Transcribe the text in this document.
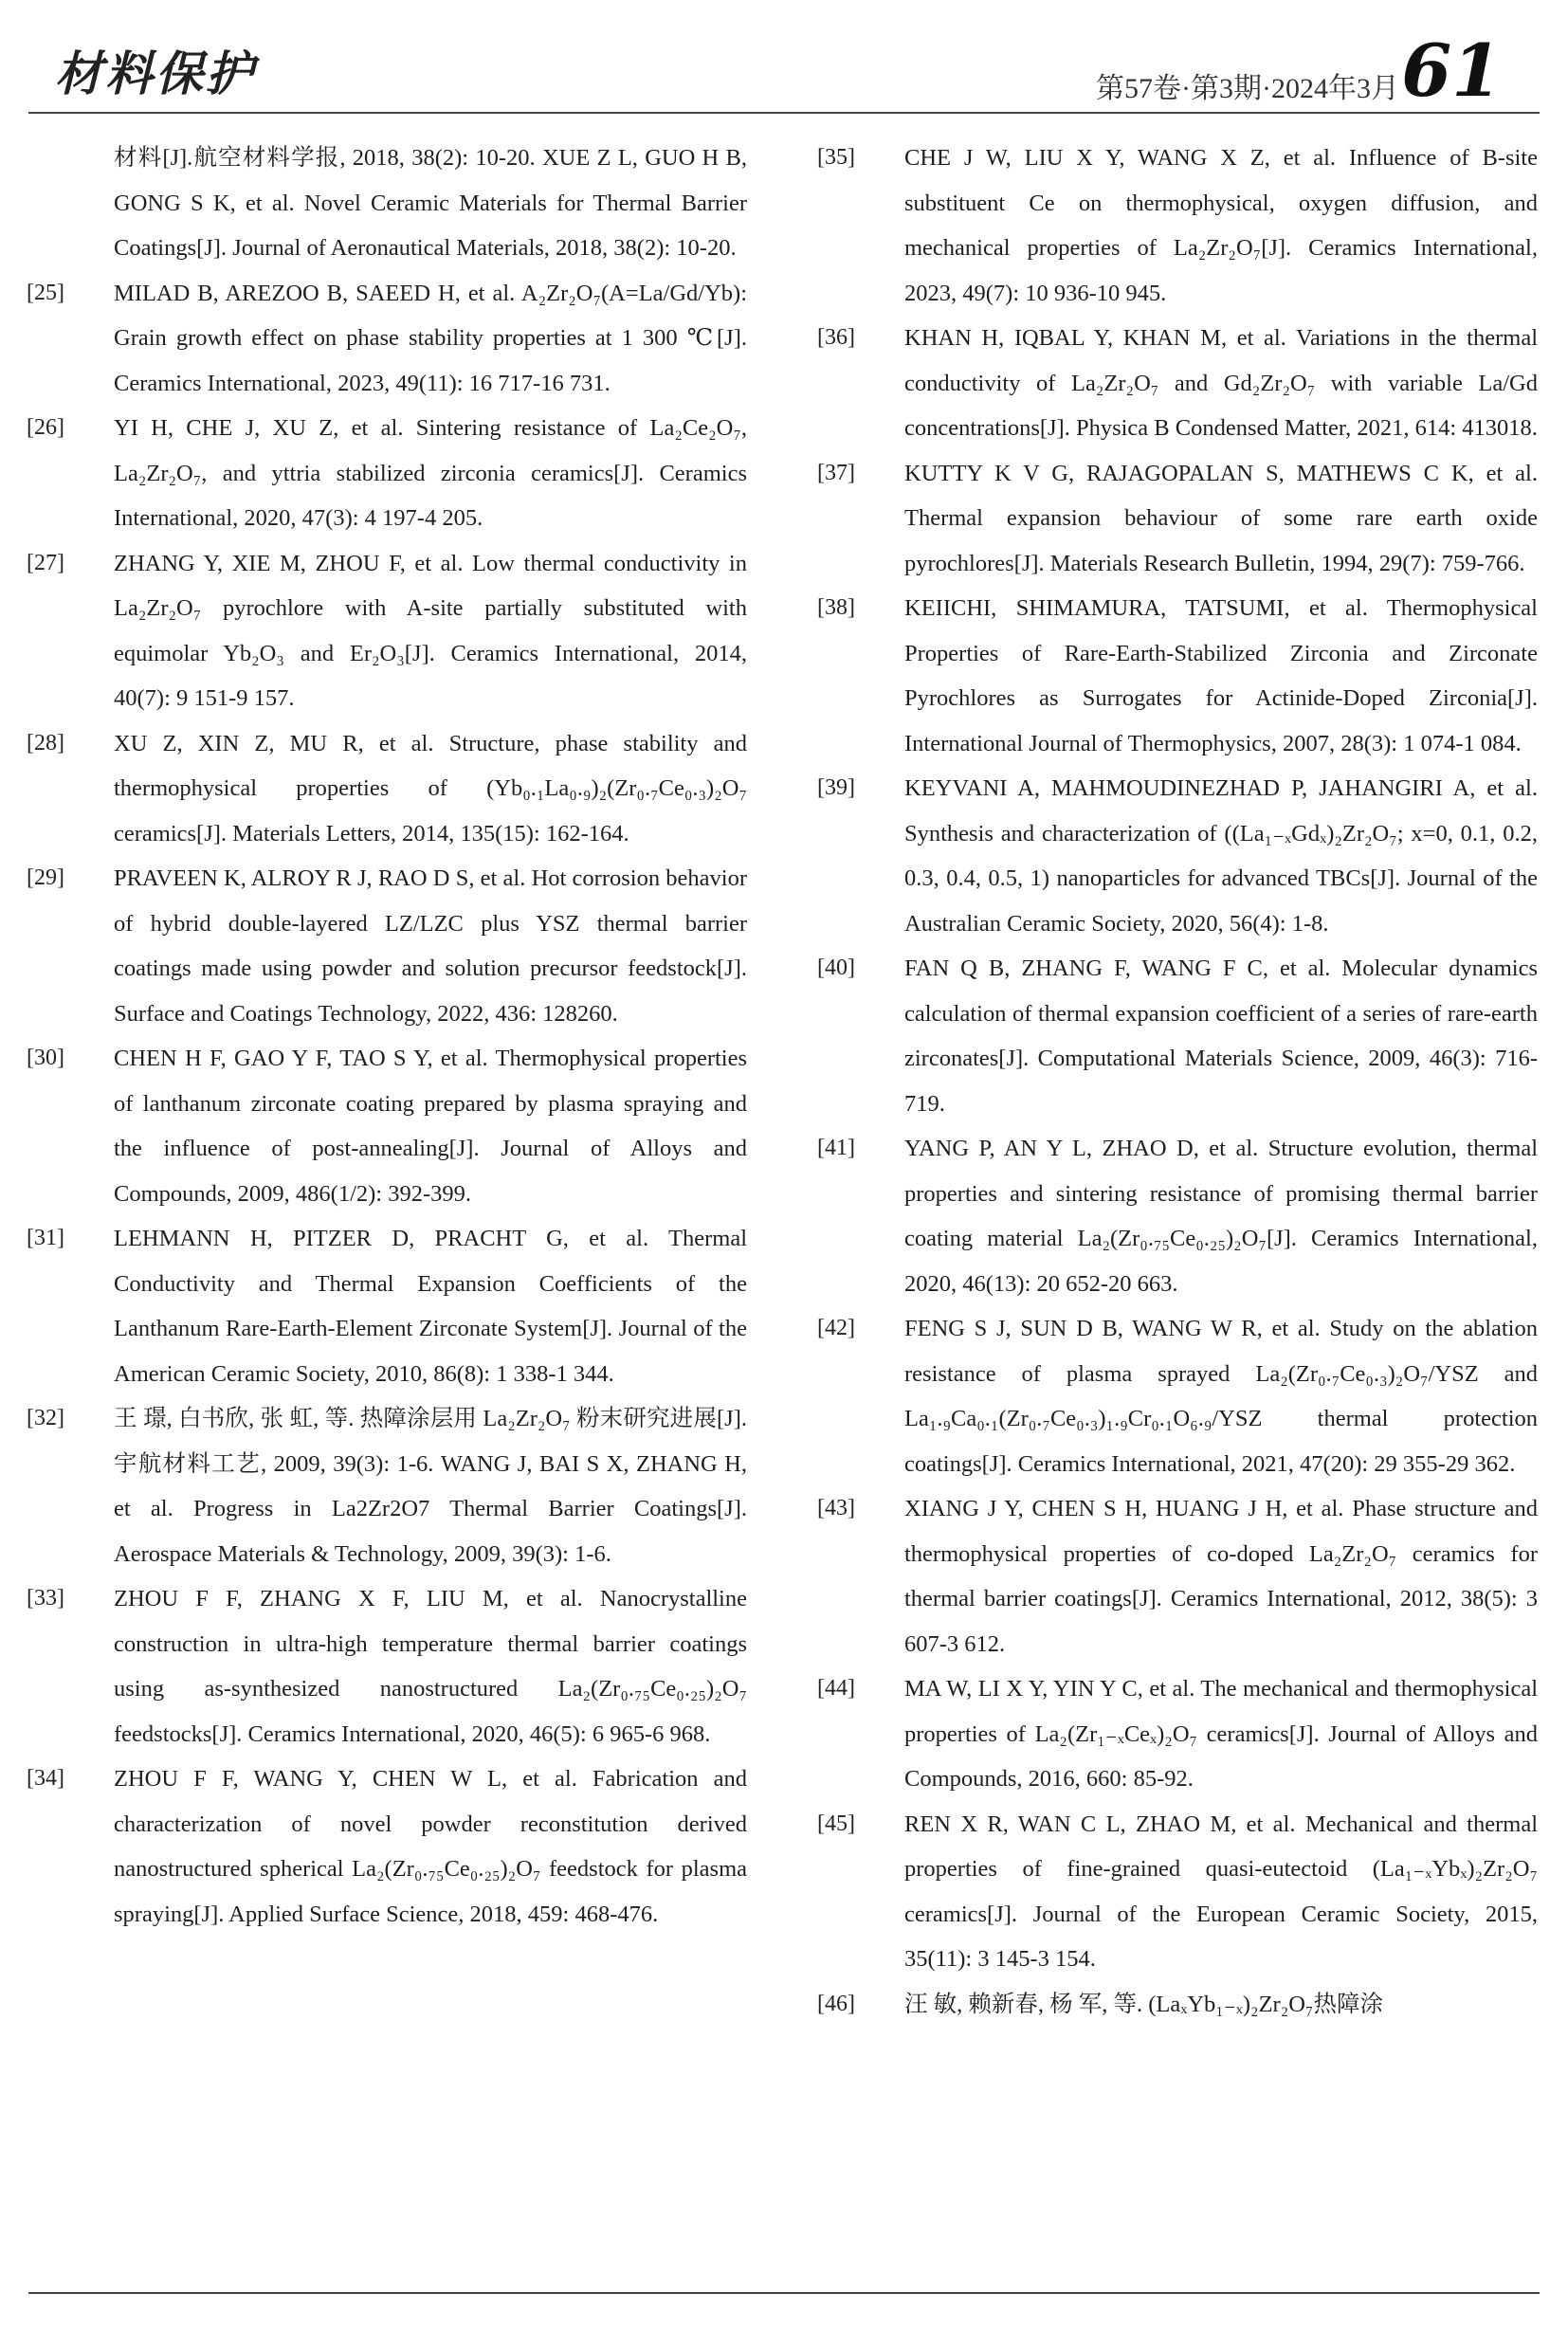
材料保护	第57卷·第3期·2024年3月 61
材料[J].航空材料学报, 2018, 38(2): 10-20. XUE Z L, GUO H B, GONG S K, et al. Novel Ceramic Materials for Thermal Barrier Coatings[J]. Journal of Aeronautical Materials, 2018, 38(2): 10-20.
[25]	MILAD B, AREZOO B, SAEED H, et al. A₂Zr₂O₇(A=La/Gd/Yb): Grain growth effect on phase stability properties at 1 300 ℃[J]. Ceramics International, 2023, 49(11): 16 717-16 731.
[26]	YI H, CHE J, XU Z, et al. Sintering resistance of La₂Ce₂O₇, La₂Zr₂O₇, and yttria stabilized zirconia ceramics[J]. Ceramics International, 2020, 47(3): 4 197-4 205.
[27]	ZHANG Y, XIE M, ZHOU F, et al. Low thermal conductivity in La₂Zr₂O₇ pyrochlore with A-site partially substituted with equimolar Yb₂O₃ and Er₂O₃[J]. Ceramics International, 2014, 40(7): 9 151-9 157.
[28]	XU Z, XIN Z, MU R, et al. Structure, phase stability and thermophysical properties of (Yb₀.₁La₀.₉)₂(Zr₀.₇Ce₀.₃)₂O₇ ceramics[J]. Materials Letters, 2014, 135(15): 162-164.
[29]	PRAVEEN K, ALROY R J, RAO D S, et al. Hot corrosion behavior of hybrid double-layered LZ/LZC plus YSZ thermal barrier coatings made using powder and solution precursor feedstock[J]. Surface and Coatings Technology, 2022, 436: 128260.
[30]	CHEN H F, GAO Y F, TAO S Y, et al. Thermophysical properties of lanthanum zirconate coating prepared by plasma spraying and the influence of post-annealing[J]. Journal of Alloys and Compounds, 2009, 486(1/2): 392-399.
[31]	LEHMANN H, PITZER D, PRACHT G, et al. Thermal Conductivity and Thermal Expansion Coefficients of the Lanthanum Rare-Earth-Element Zirconate System[J]. Journal of the American Ceramic Society, 2010, 86(8): 1 338-1 344.
[32]	王 璟, 白书欣, 张 虹, 等. 热障涂层用 La₂Zr₂O₇ 粉末研究进展[J].宇航材料工艺, 2009, 39(3): 1-6. WANG J, BAI S X, ZHANG H, et al. Progress in La2Zr2O7 Thermal Barrier Coatings[J]. Aerospace Materials & Technology, 2009, 39(3): 1-6.
[33]	ZHOU F F, ZHANG X F, LIU M, et al. Nanocrystalline construction in ultra-high temperature thermal barrier coatings using as-synthesized nanostructured La₂(Zr₀.₇₅Ce₀.₂₅)₂O₇ feedstocks[J]. Ceramics International, 2020, 46(5): 6 965-6 968.
[34]	ZHOU F F, WANG Y, CHEN W L, et al. Fabrication and characterization of novel powder reconstitution derived nanostructured spherical La₂(Zr₀.₇₅Ce₀.₂₅)₂O₇ feedstock for plasma spraying[J]. Applied Surface Science, 2018, 459: 468-476.
[35]	CHE J W, LIU X Y, WANG X Z, et al. Influence of B-site substituent Ce on thermophysical, oxygen diffusion, and mechanical properties of La₂Zr₂O₇[J]. Ceramics International, 2023, 49(7): 10 936-10 945.
[36]	KHAN H, IQBAL Y, KHAN M, et al. Variations in the thermal conductivity of La₂Zr₂O₇ and Gd₂Zr₂O₇ with variable La/Gd concentrations[J]. Physica B Condensed Matter, 2021, 614: 413018.
[37]	KUTTY K V G, RAJAGOPALAN S, MATHEWS C K, et al. Thermal expansion behaviour of some rare earth oxide pyrochlores[J]. Materials Research Bulletin, 1994, 29(7): 759-766.
[38]	KEIICHI, SHIMAMURA, TATSUMI, et al. Thermophysical Properties of Rare-Earth-Stabilized Zirconia and Zirconate Pyrochlores as Surrogates for Actinide-Doped Zirconia[J]. International Journal of Thermophysics, 2007, 28(3): 1 074-1 084.
[39]	KEYVANI A, MAHMOUDINEZHAD P, JAHANGIRI A, et al. Synthesis and characterization of ((La₁₋ₓGdₓ)₂Zr₂O₇; x=0, 0.1, 0.2, 0.3, 0.4, 0.5, 1) nanoparticles for advanced TBCs[J]. Journal of the Australian Ceramic Society, 2020, 56(4): 1-8.
[40]	FAN Q B, ZHANG F, WANG F C, et al. Molecular dynamics calculation of thermal expansion coefficient of a series of rare-earth zirconates[J]. Computational Materials Science, 2009, 46(3): 716-719.
[41]	YANG P, AN Y L, ZHAO D, et al. Structure evolution, thermal properties and sintering resistance of promising thermal barrier coating material La₂(Zr₀.₇₅Ce₀.₂₅)₂O₇[J]. Ceramics International, 2020, 46(13): 20 652-20 663.
[42]	FENG S J, SUN D B, WANG W R, et al. Study on the ablation resistance of plasma sprayed La₂(Zr₀.₇Ce₀.₃)₂O₇/YSZ and La₁.₉Ca₀.₁(Zr₀.₇Ce₀.₃)₁.₉Cr₀.₁O₆.₉/YSZ thermal protection coatings[J]. Ceramics International, 2021, 47(20): 29 355-29 362.
[43]	XIANG J Y, CHEN S H, HUANG J H, et al. Phase structure and thermophysical properties of co-doped La₂Zr₂O₇ ceramics for thermal barrier coatings[J]. Ceramics International, 2012, 38(5): 3 607-3 612.
[44]	MA W, LI X Y, YIN Y C, et al. The mechanical and thermophysical properties of La₂(Zr₁₋ₓCeₓ)₂O₇ ceramics[J]. Journal of Alloys and Compounds, 2016, 660: 85-92.
[45]	REN X R, WAN C L, ZHAO M, et al. Mechanical and thermal properties of fine-grained quasi-eutectoid (La₁₋ₓYbₓ)₂Zr₂O₇ ceramics[J]. Journal of the European Ceramic Society, 2015, 35(11): 3 145-3 154.
[46]	汪 敏, 赖新春, 杨 军, 等. (LaₓYb₁₋ₓ)₂Zr₂O₇热障涂
